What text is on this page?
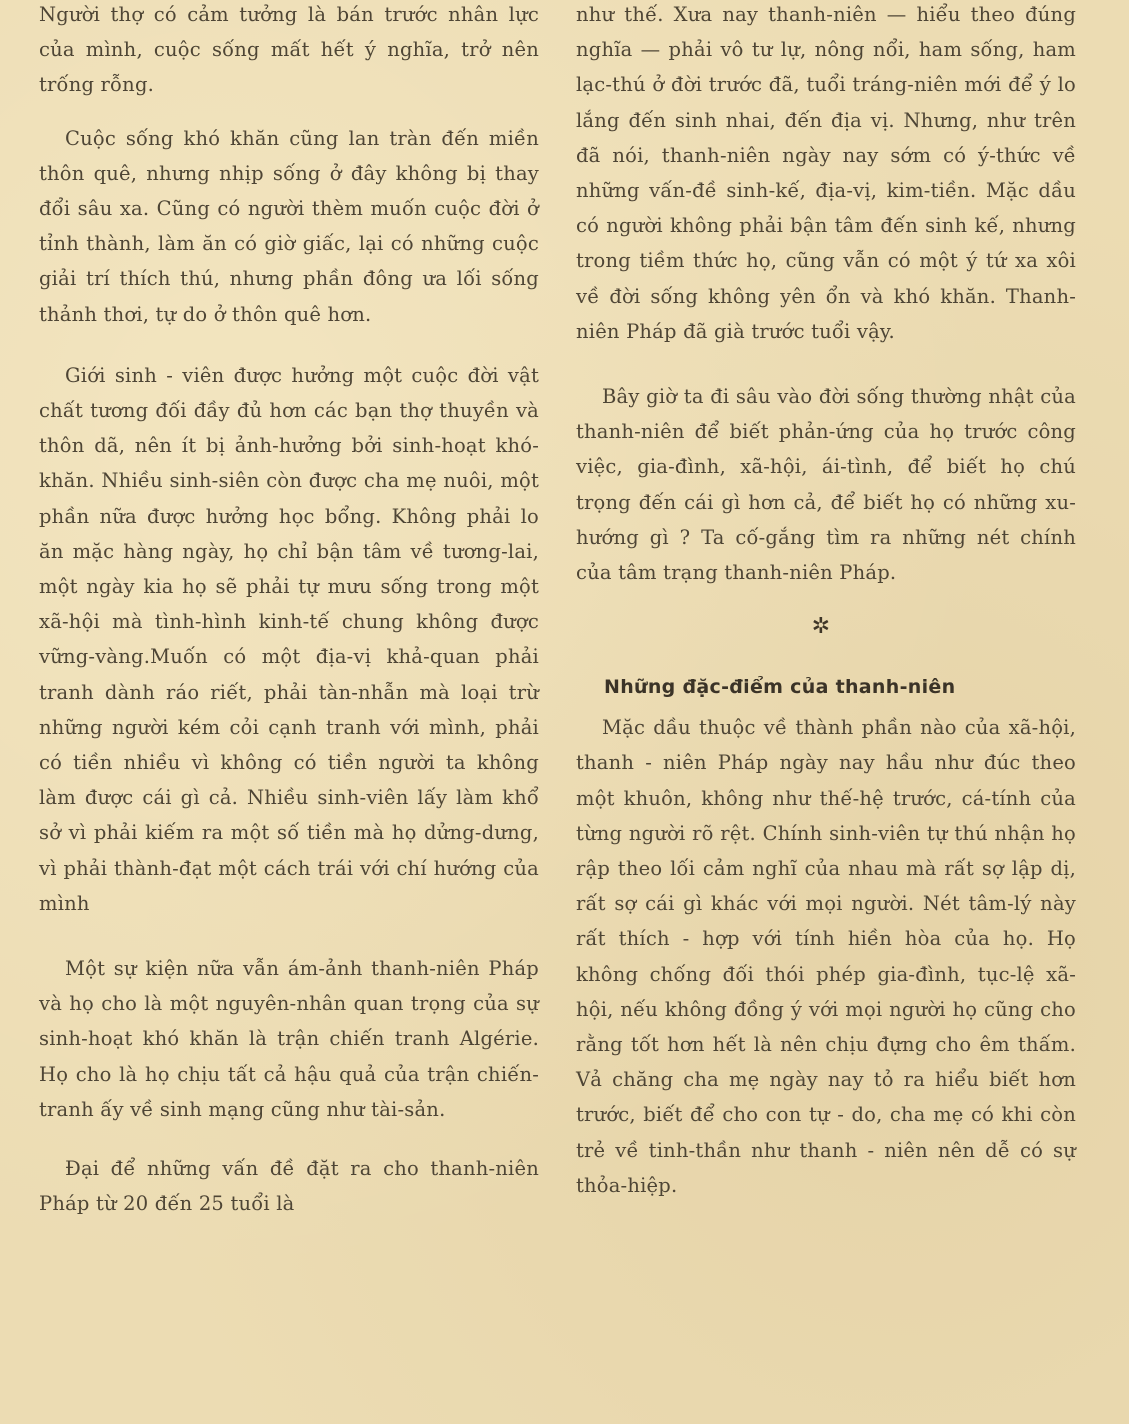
Người thợ có cảm tưởng là bán trước nhân lực của mình, cuộc sống mất hết ý nghĩa, trở nên trống rỗng.

Cuộc sống khó khăn cũng lan tràn đến miền thôn quê, nhưng nhịp sống ở đây không bị thay đổi sâu xa. Cũng có người thèm muốn cuộc đời ở tỉnh thành, làm ăn có giờ giấc, lại có những cuộc giải trí thích thú, nhưng phần đông ưa lối sống thảnh thơi, tự do ở thôn quê hơn.

Giới sinh - viên được hưởng một cuộc đời vật chất tương đối đầy đủ hơn các bạn thợ thuyền và thôn dã, nên ít bị ảnh-hưởng bởi sinh-hoạt khó-khăn. Nhiều sinh-siên còn được cha mẹ nuôi, một phần nữa được hưởng học bổng. Không phải lo ăn mặc hàng ngày, họ chỉ bận tâm về tương-lai, một ngày kia họ sẽ phải tự mưu sống trong một xã-hội mà tình-hình kinh-tế chung không được vững-vàng.Muốn có một địa-vị khả-quan phải tranh dành ráo riết, phải tàn-nhẫn mà loại trừ những người kém cỏi cạnh tranh với mình, phải có tiền nhiều vì không có tiền người ta không làm được cái gì cả. Nhiều sinh-viên lấy làm khổ sở vì phải kiếm ra một số tiền mà họ dửng-dưng, vì phải thành-đạt một cách trái với chí hướng của mình

Một sự kiện nữa vẫn ám-ảnh thanh-niên Pháp và họ cho là một nguyên-nhân quan trọng của sự sinh-hoạt khó khăn là trận chiến tranh Algérie. Họ cho là họ chịu tất cả hậu quả của trận chiến-tranh ấy về sinh mạng cũng như tài-sản.

Đại để những vấn đề đặt ra cho thanh-niên Pháp từ 20 đến 25 tuổi là

như thế. Xưa nay thanh-niên — hiểu theo đúng nghĩa — phải vô tư lự, nông nổi, ham sống, ham lạc-thú ở đời trước đã, tuổi tráng-niên mới để ý lo lắng đến sinh nhai, đến địa vị. Nhưng, như trên đã nói, thanh-niên ngày nay sớm có ý-thức về những vấn-đề sinh-kế, địa-vị, kim-tiền. Mặc dầu có người không phải bận tâm đến sinh kế, nhưng trong tiềm thức họ, cũng vẫn có một ý tứ xa xôi về đời sống không yên ổn và khó khăn. Thanh-niên Pháp đã già trước tuổi vậy.

Bây giờ ta đi sâu vào đời sống thường nhật của thanh-niên để biết phản-ứng của họ trước công việc, gia-đình, xã-hội, ái-tình, để biết họ chú trọng đến cái gì hơn cả, để biết họ có những xu-hướng gì ? Ta cố-gắng tìm ra những nét chính của tâm trạng thanh-niên Pháp.

✲
Những đặc-điểm của thanh-niên

Mặc dầu thuộc về thành phần nào của xã-hội, thanh - niên Pháp ngày nay hầu như đúc theo một khuôn, không như thế-hệ trước, cá-tính của từng người rõ rệt. Chính sinh-viên tự thú nhận họ rập theo lối cảm nghĩ của nhau mà rất sợ lập dị, rất sợ cái gì khác với mọi người. Nét tâm-lý này rất thích - hợp với tính hiền hòa của họ. Họ không chống đối thói phép gia-đình, tục-lệ xã-hội, nếu không đồng ý với mọi người họ cũng cho rằng tốt hơn hết là nên chịu đựng cho êm thấm. Vả chăng cha mẹ ngày nay tỏ ra hiểu biết hơn trước, biết để cho con tự - do, cha mẹ có khi còn trẻ về tinh-thần như thanh - niên nên dễ có sự thỏa-hiệp.
